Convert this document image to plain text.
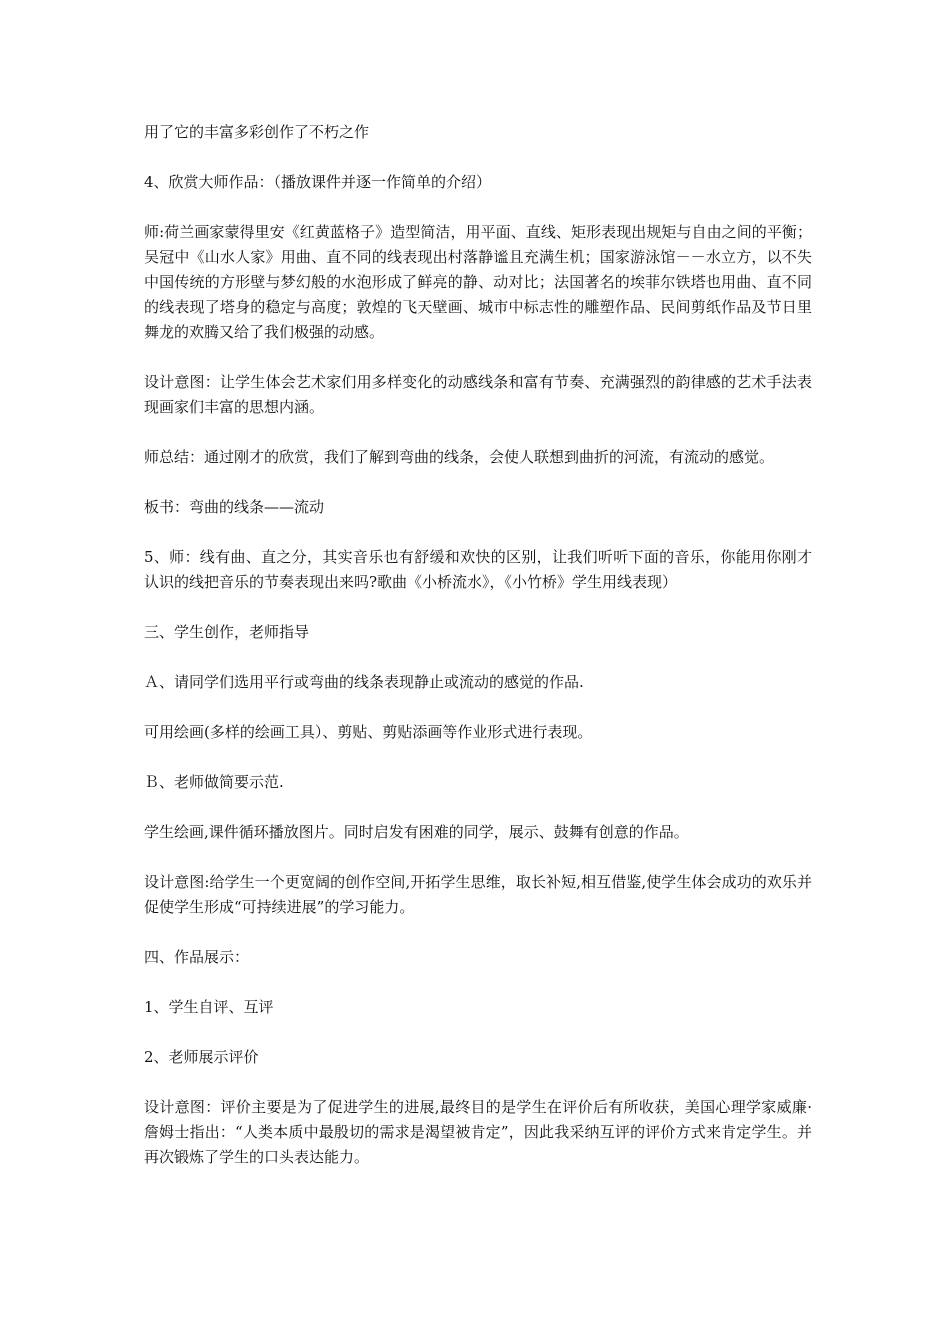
用了它的丰富多彩创作了不朽之作

4、欣赏大师作品：（播放课件并逐一作简单的介绍）

师:荷兰画家蒙得里安《红黄蓝格子》造型简洁，用平面、直线、矩形表现出规矩与自由之间的平衡；吴冠中《山水人家》用曲、直不同的线表现出村落静谧且充满生机；国家游泳馆－－水立方，以不失中国传统的方形壁与梦幻般的水泡形成了鲜亮的静、动对比；法国著名的埃菲尔铁塔也用曲、直不同的线表现了塔身的稳定与高度；敦煌的飞天壁画、城市中标志性的雕塑作品、民间剪纸作品及节日里舞龙的欢腾又给了我们极强的动感。

设计意图：让学生体会艺术家们用多样变化的动感线条和富有节奏、充满强烈的韵律感的艺术手法表现画家们丰富的思想内涵。

师总结：通过刚才的欣赏，我们了解到弯曲的线条，会使人联想到曲折的河流，有流动的感觉。

板书：弯曲的线条——流动

5、师：线有曲、直之分，其实音乐也有舒缓和欢快的区别，让我们听听下面的音乐，你能用你刚才认识的线把音乐的节奏表现出来吗?歌曲《小桥流水》，《小竹桥》学生用线表现）

三、学生创作，老师指导

Ａ、请同学们选用平行或弯曲的线条表现静止或流动的感觉的作品.

可用绘画(多样的绘画工具）、剪贴、剪贴添画等作业形式进行表现。

Ｂ、老师做简要示范.

学生绘画,课件循环播放图片。同时启发有困难的同学，展示、鼓舞有创意的作品。

设计意图:给学生一个更宽阔的创作空间,开拓学生思维，取长补短,相互借鉴,使学生体会成功的欢乐并促使学生形成“可持续进展”的学习能力。

四、作品展示：

1、学生自评、互评

2、老师展示评价

设计意图：评价主要是为了促进学生的进展,最终目的是学生在评价后有所收获，美国心理学家威廉·詹姆士指出：“人类本质中最殷切的需求是渴望被肯定”，因此我采纳互评的评价方式来肯定学生。并再次锻炼了学生的口头表达能力。
